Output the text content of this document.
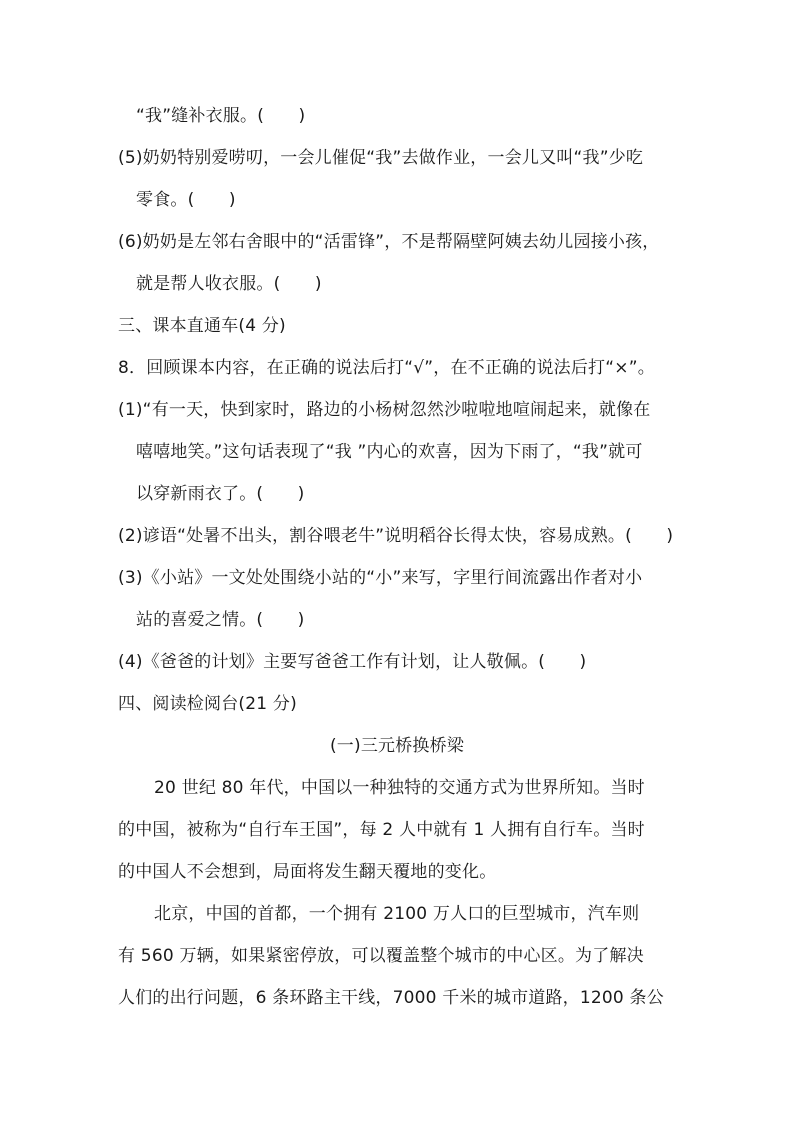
“我”缝补衣服。(　　)
(5)奶奶特别爱唠叨，一会儿催促“我”去做作业，一会儿又叫“我”少吃
零食。(　　)
(6)奶奶是左邻右舍眼中的“活雷锋”，不是帮隔壁阿姨去幼儿园接小孩，
就是帮人收衣服。(　　)
三、课本直通车(4 分)
8．回顾课本内容，在正确的说法后打“√”，在不正确的说法后打“×”。
(1)“有一天，快到家时，路边的小杨树忽然沙啦啦地喧闹起来，就像在
嘻嘻地笑。”这句话表现了“我 ”内心的欢喜，因为下雨了，“我”就可
以穿新雨衣了。(　　)
(2)谚语“处暑不出头，割谷喂老牛”说明稻谷长得太快，容易成熟。(　　)
(3)《小站》一文处处围绕小站的“小”来写，字里行间流露出作者对小
站的喜爱之情。(　　)
(4)《爸爸的计划》主要写爸爸工作有计划，让人敬佩。(　　)
四、阅读检阅台(21 分)
(一)三元桥换桥梁
20 世纪 80 年代，中国以一种独特的交通方式为世界所知。当时
的中国，被称为“自行车王国”，每 2 人中就有 1 人拥有自行车。当时
的中国人不会想到，局面将发生翻天覆地的变化。
北京，中国的首都，一个拥有 2100 万人口的巨型城市，汽车则
有 560 万辆，如果紧密停放，可以覆盖整个城市的中心区。为了解决
人们的出行问题，6 条环路主干线，7000 千米的城市道路，1200 条公
